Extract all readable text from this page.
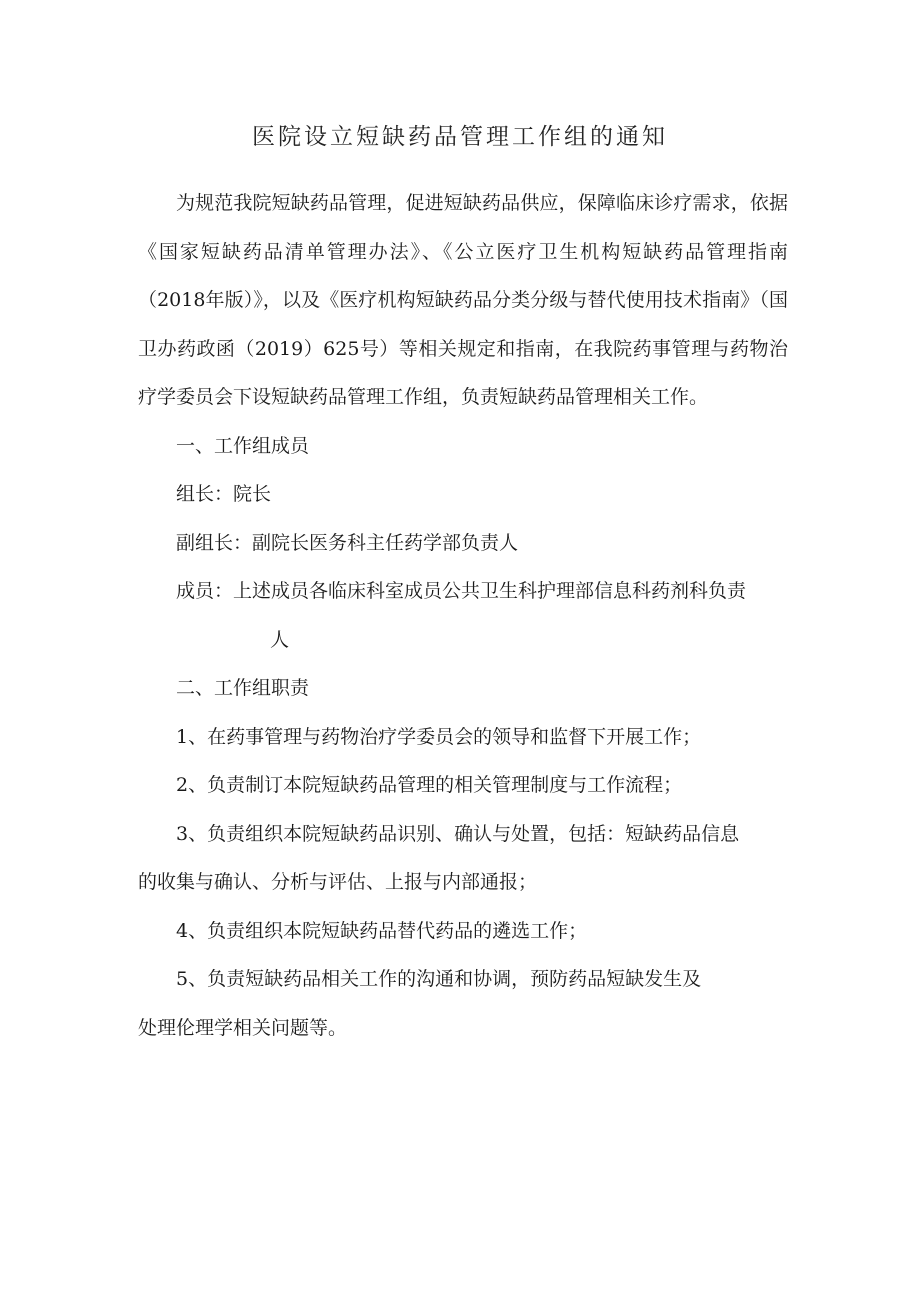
医院设立短缺药品管理工作组的通知

为规范我院短缺药品管理，促进短缺药品供应，保障临床诊疗需求，依据《国家短缺药品清单管理办法》、《公立医疗卫生机构短缺药品管理指南（2018年版）》，以及《医疗机构短缺药品分类分级与替代使用技术指南》（国卫办药政函（2019）625号）等相关规定和指南，在我院药事管理与药物治疗学委员会下设短缺药品管理工作组，负责短缺药品管理相关工作。

一、工作组成员

组长：院长

副组长：副院长医务科主任药学部负责人

成员：上述成员各临床科室成员公共卫生科护理部信息科药剂科负责

人

二、工作组职责

1、在药事管理与药物治疗学委员会的领导和监督下开展工作；

2、负责制订本院短缺药品管理的相关管理制度与工作流程；

3、负责组织本院短缺药品识别、确认与处置，包括：短缺药品信息

的收集与确认、分析与评估、上报与内部通报；

4、负责组织本院短缺药品替代药品的遴选工作；

5、负责短缺药品相关工作的沟通和协调，预防药品短缺发生及

处理伦理学相关问题等。
